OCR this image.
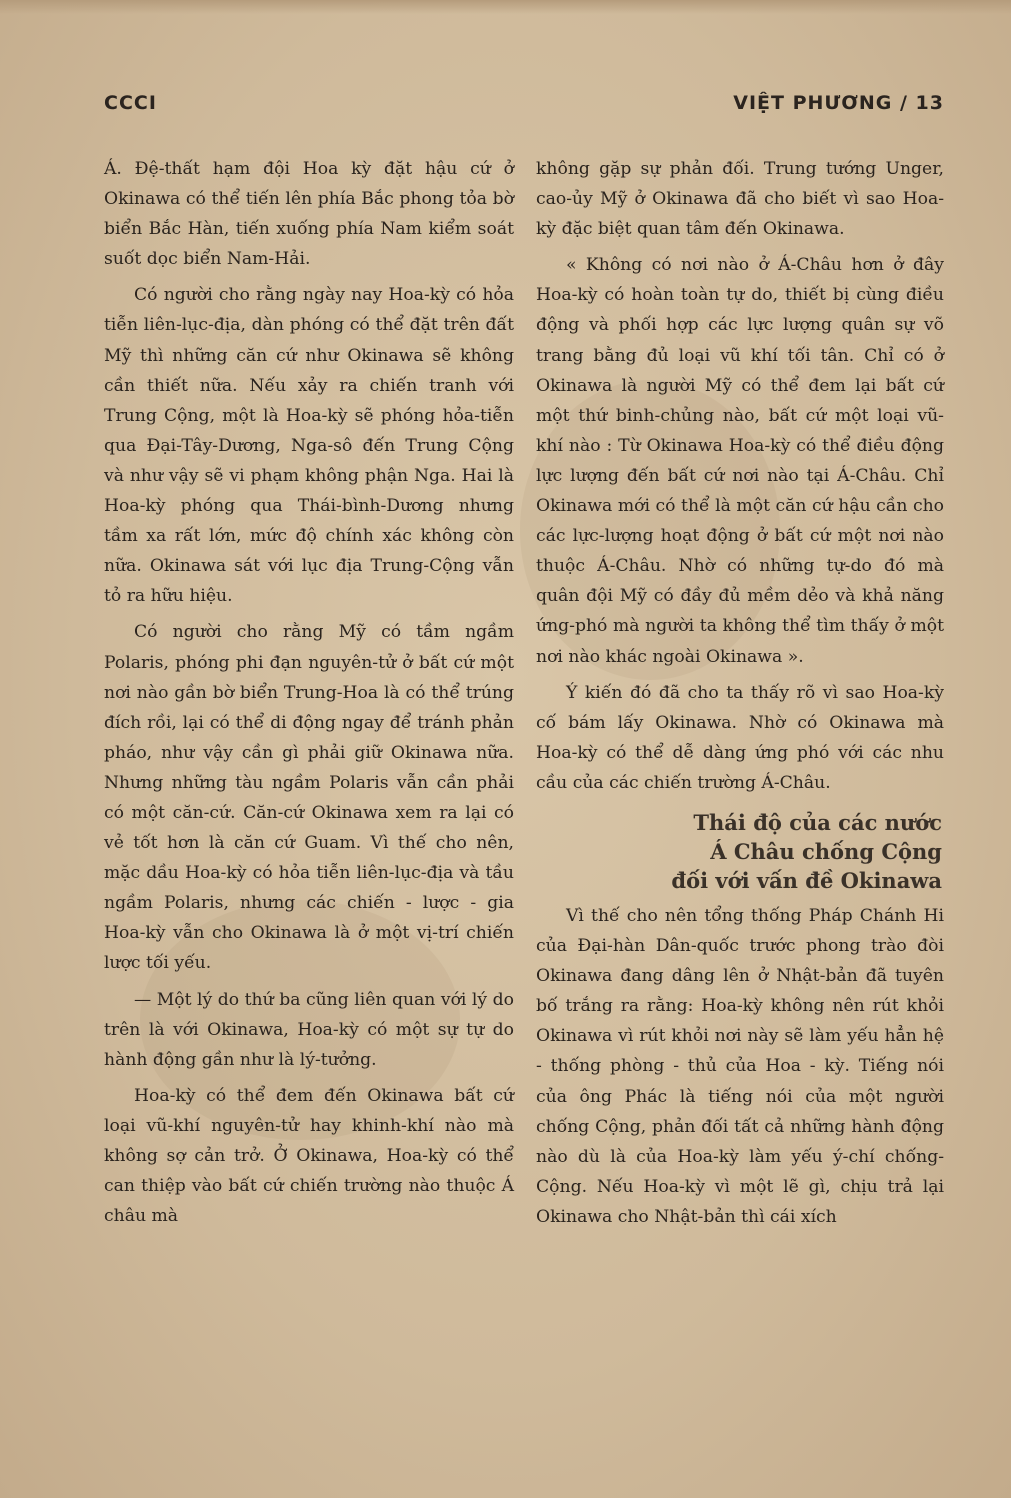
CCCI	VIỆT PHƯƠNG / 13

Á. Đệ-thất hạm đội Hoa kỳ đặt hậu cứ ở Okinawa có thể tiến lên phía Bắc phong tỏa bờ biển Bắc Hàn, tiến xuống phía Nam kiểm soát suốt dọc biển Nam-Hải.

Có người cho rằng ngày nay Hoa-kỳ có hỏa tiễn liên-lục-địa, dàn phóng có thể đặt trên đất Mỹ thì những căn cứ như Okinawa sẽ không cần thiết nữa. Nếu xảy ra chiến tranh với Trung Cộng, một là Hoa-kỳ sẽ phóng hỏa-tiễn qua Đại-Tây-Dương, Nga-sô đến Trung Cộng và như vậy sẽ vi phạm không phận Nga. Hai là Hoa-kỳ phóng qua Thái-bình-Dương nhưng tầm xa rất lớn, mức độ chính xác không còn nữa. Okinawa sát với lục địa Trung-Cộng vẫn tỏ ra hữu hiệu.

Có người cho rằng Mỹ có tầm ngầm Polaris, phóng phi đạn nguyên-tử ở bất cứ một nơi nào gần bờ biển Trung-Hoa là có thể trúng đích rồi, lại có thể di động ngay để tránh phản pháo, như vậy cần gì phải giữ Okinawa nữa. Nhưng những tàu ngầm Polaris vẫn cần phải có một căn-cứ. Căn-cứ Okinawa xem ra lại có vẻ tốt hơn là căn cứ Guam. Vì thế cho nên, mặc dầu Hoa-kỳ có hỏa tiễn liên-lục-địa và tầu ngầm Polaris, nhưng các chiến - lược - gia Hoa-kỳ vẫn cho Okinawa là ở một vị-trí chiến lược tối yếu.

— Một lý do thứ ba cũng liên quan với lý do trên là với Okinawa, Hoa-kỳ có một sự tự do hành động gần như là lý-tưởng.

Hoa-kỳ có thể đem đến Okinawa bất cứ loại vũ-khí nguyên-tử hay khinh-khí nào mà không sợ cản trở. Ở Okinawa, Hoa-kỳ có thể can thiệp vào bất cứ chiến trường nào thuộc Á châu mà

không gặp sự phản đối. Trung tướng Unger, cao-ủy Mỹ ở Okinawa đã cho biết vì sao Hoa-kỳ đặc biệt quan tâm đến Okinawa.

« Không có nơi nào ở Á-Châu hơn ở đây Hoa-kỳ có hoàn toàn tự do, thiết bị cùng điều động và phối hợp các lực lượng quân sự võ trang bằng đủ loại vũ khí tối tân. Chỉ có ở Okinawa là người Mỹ có thể đem lại bất cứ một thứ binh-chủng nào, bất cứ một loại vũ-khí nào : Từ Okinawa Hoa-kỳ có thể điều động lực lượng đến bất cứ nơi nào tại Á-Châu. Chỉ Okinawa mới có thể là một căn cứ hậu cần cho các lực-lượng hoạt động ở bất cứ một nơi nào thuộc Á-Châu. Nhờ có những tự-do đó mà quân đội Mỹ có đầy đủ mềm dẻo và khả năng ứng-phó mà người ta không thể tìm thấy ở một nơi nào khác ngoài Okinawa ».

Ý kiến đó đã cho ta thấy rõ vì sao Hoa-kỳ cố bám lấy Okinawa. Nhờ có Okinawa mà Hoa-kỳ có thể dễ dàng ứng phó với các nhu cầu của các chiến trường Á-Châu.

Thái độ của các nước
Á Châu chống Cộng
đối với vấn đề Okinawa

Vì thế cho nên tổng thống Pháp Chánh Hi của Đại-hàn Dân-quốc trước phong trào đòi Okinawa đang dâng lên ở Nhật-bản đã tuyên bố trắng ra rằng: Hoa-kỳ không nên rút khỏi Okinawa vì rút khỏi nơi này sẽ làm yếu hẳn hệ - thống phòng - thủ của Hoa - kỳ. Tiếng nói của ông Phác là tiếng nói của một người chống Cộng, phản đối tất cả những hành động nào dù là của Hoa-kỳ làm yếu ý-chí chống-Cộng. Nếu Hoa-kỳ vì một lẽ gì, chịu trả lại Okinawa cho Nhật-bản thì cái xích
